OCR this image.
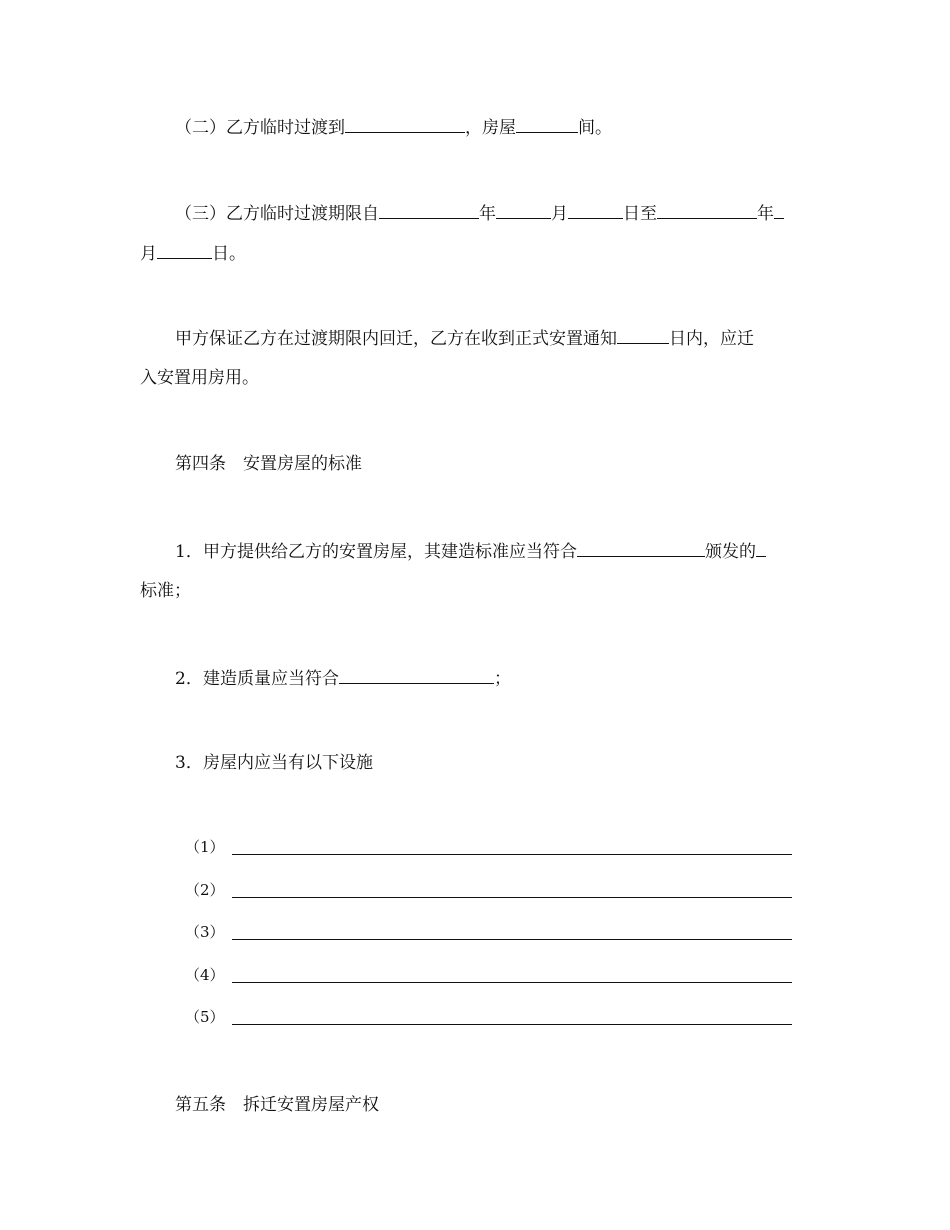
（二）乙方临时过渡到	，房屋	间。
（三）乙方临时过渡期限自	年	月	日至	年
月	日。
甲方保证乙方在过渡期限内回迁，乙方在收到正式安置通知	日内，应迁
入安置用房用。
第四条　安置房屋的标准
1．甲方提供给乙方的安置房屋，其建造标准应当符合	颁发的
标准；
2．建造质量应当符合	；
3．房屋内应当有以下设施
（1）
（2）
（3）
（4）
（5）
第五条　拆迁安置房屋产权
